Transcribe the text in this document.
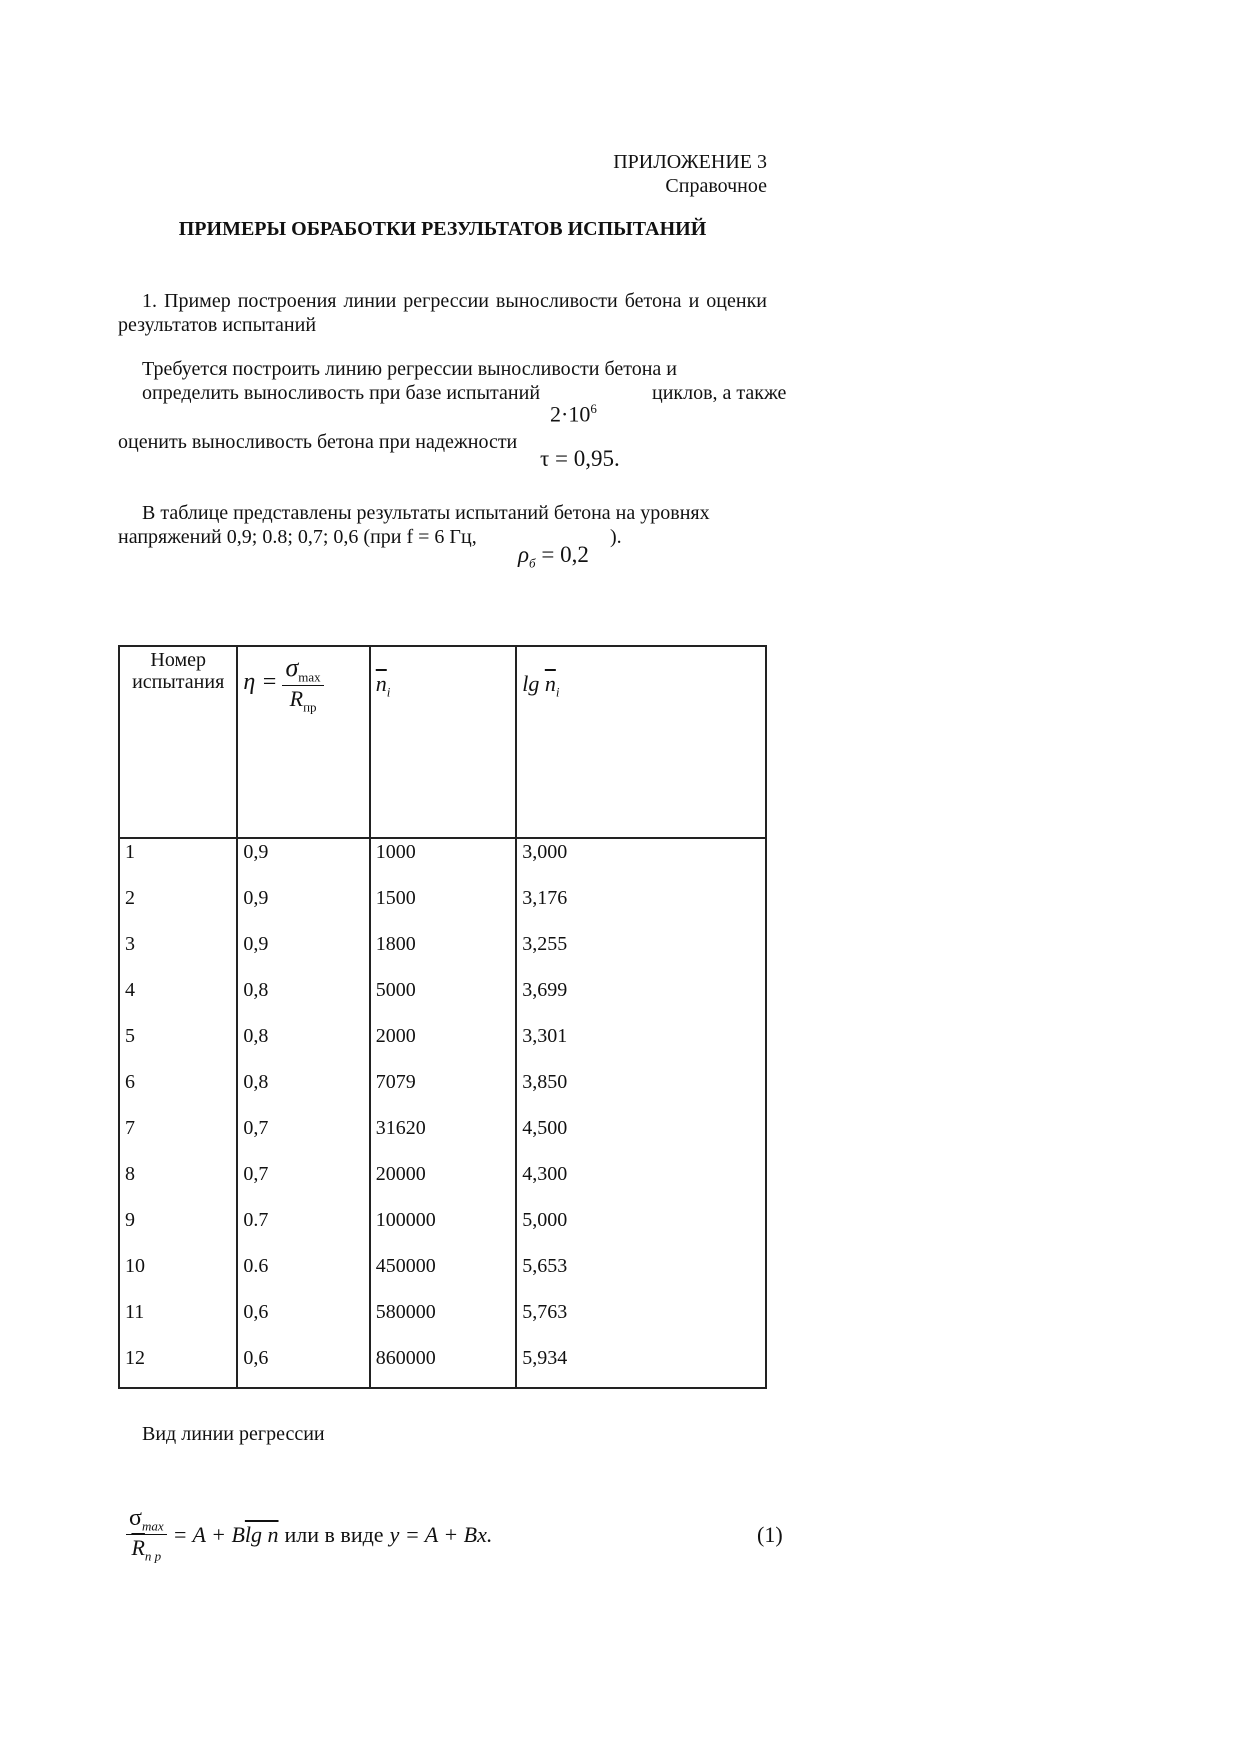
ПРИЛОЖЕНИЕ 3
Справочное
ПРИМЕРЫ ОБРАБОТКИ РЕЗУЛЬТАТОВ ИСПЫТАНИЙ

1. Пример построения линии регрессии выносливости бетона и оценки результатов испытаний

Требуется построить линию регрессии выносливости бетона и определить выносливость при базе испытаний	циклов, а также
$2\cdot 10^6$
оценить выносливость бетона при надежности
τ = 0,95.

В таблице представлены результаты испытаний бетона на уровнях напряжений 0,9; 0.8; 0,7; 0,6 (при f = 6 Гц,	).
$\rho_б = 0,2$
Номер испытания	$\eta = \frac{\sigma_{max}}{R_{пр}}$	$\overline{n}_i$	$\lg \overline{n}_i$
1	0,9	1000	3,000
2	0,9	1500	3,176
3	0,9	1800	3,255
4	0,8	5000	3,699
5	0,8	2000	3,301
6	0,8	7079	3,850
7	0,7	31620	4,500
8	0,7	20000	4,300
9	0.7	100000	5,000
10	0.6	450000	5,653
11	0,6	580000	5,763
12	0,6	860000	5,934
Вид линии регрессии
$\frac{\sigma_{max}}{\overline{R}_{n p}} = A + B$ lg n или в виде y = A + Bx.	(1)
